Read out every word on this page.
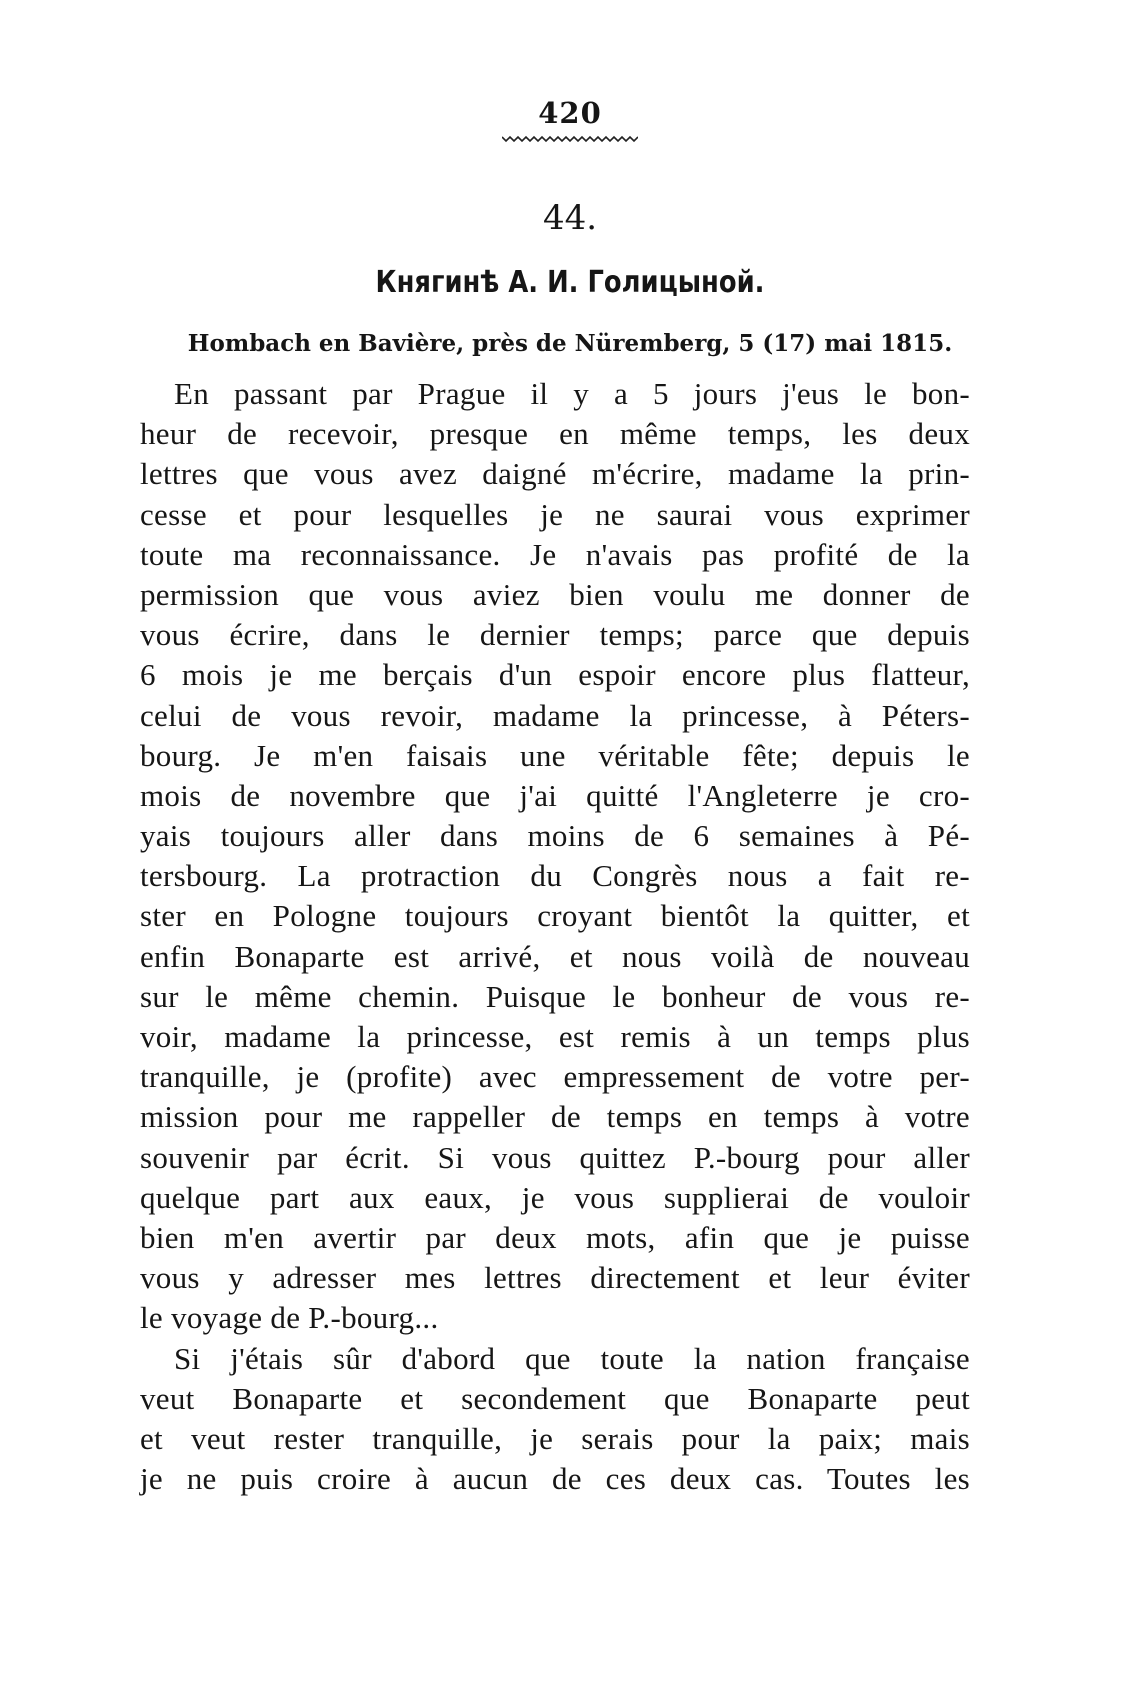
420
44.
Княгинѣ А. И. Голицыной.
Hombach en Bavière, près de Nüremberg, 5 (17) mai 1815.
En passant par Prague il y a 5 jours j'eus le bon-
heur de recevoir, presque en même temps, les deux
lettres que vous avez daigné m'écrire, madame la prin-
cesse et pour lesquelles je ne saurai vous exprimer
toute ma reconnaissance. Je n'avais pas profité de la
permission que vous aviez bien voulu me donner de
vous écrire, dans le dernier temps; parce que depuis
6 mois je me berçais d'un espoir encore plus flatteur,
celui de vous revoir, madame la princesse, à Péters-
bourg. Je m'en faisais une véritable fête; depuis le
mois de novembre que j'ai quitté l'Angleterre je cro-
yais toujours aller dans moins de 6 semaines à Pé-
tersbourg. La protraction du Congrès nous a fait re-
ster en Pologne toujours croyant bientôt la quitter, et
enfin Bonaparte est arrivé, et nous voilà de nouveau
sur le même chemin. Puisque le bonheur de vous re-
voir, madame la princesse, est remis à un temps plus
tranquille, je (profite) avec empressement de votre per-
mission pour me rappeller de temps en temps à votre
souvenir par écrit. Si vous quittez P.-bourg pour aller
quelque part aux eaux, je vous supplierai de vouloir
bien m'en avertir par deux mots, afin que je puisse
vous y adresser mes lettres directement et leur éviter
le voyage de P.-bourg...
Si j'étais sûr d'abord que toute la nation française
veut Bonaparte et secondement que Bonaparte peut
et veut rester tranquille, je serais pour la paix; mais
je ne puis croire à aucun de ces deux cas. Toutes les
